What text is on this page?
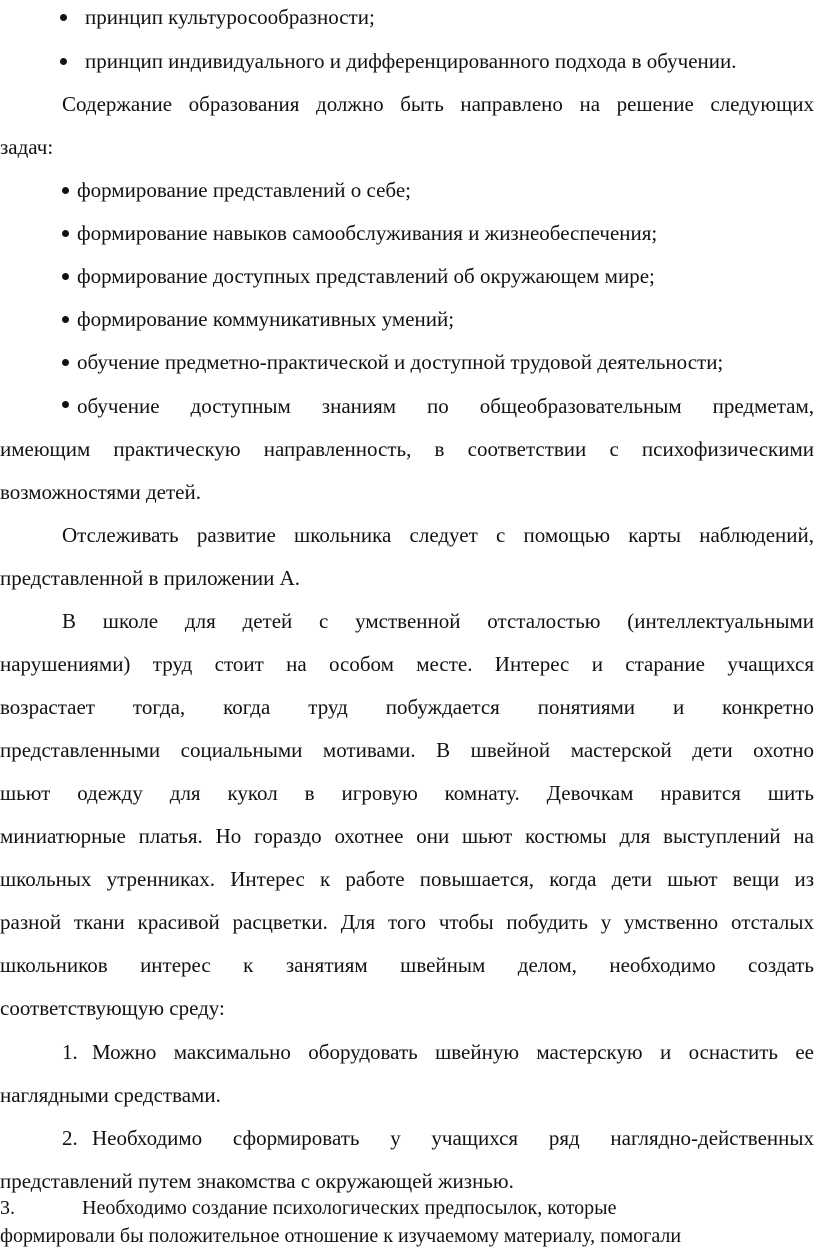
принцип культуросообразности;
принцип индивидуального и дифференцированного подхода в обучении.
Содержание образования должно быть направлено на решение следующих
задач:
формирование представлений о себе;
формирование навыков самообслуживания и жизнеобеспечения;
формирование доступных представлений об окружающем мире;
формирование коммуникативных умений;
обучение предметно-практической и доступной трудовой деятельности;
обучение доступным знаниям по общеобразовательным предметам,
имеющим практическую направленность, в соответствии с психофизическими
возможностями детей.
Отслеживать развитие школьника следует с помощью карты наблюдений,
представленной в приложении А.
В школе для детей с умственной отсталостью (интеллектуальными
нарушениями) труд стоит на особом месте. Интерес и старание учащихся
возрастает тогда, когда труд побуждается понятиями и конкретно
представленными социальными мотивами. В швейной мастерской дети охотно
шьют одежду для кукол в игровую комнату. Девочкам нравится шить
миниатюрные платья. Но гораздо охотнее они шьют костюмы для выступлений на
школьных утренниках. Интерес к работе повышается, когда дети шьют вещи из
разной ткани красивой расцветки. Для того чтобы побудить у умственно отсталых
школьников интерес к занятиям швейным делом, необходимо создать
соответствующую среду:
1. Можно максимально оборудовать швейную мастерскую и оснастить ее
наглядными средствами.
2. Необходимо сформировать у учащихся ряд наглядно-действенных
представлений путем знакомства с окружающей жизнью.
3.	Необходимо создание психологических предпосылок, которые
формировали бы положительное отношение к изучаемому материалу, помогали
